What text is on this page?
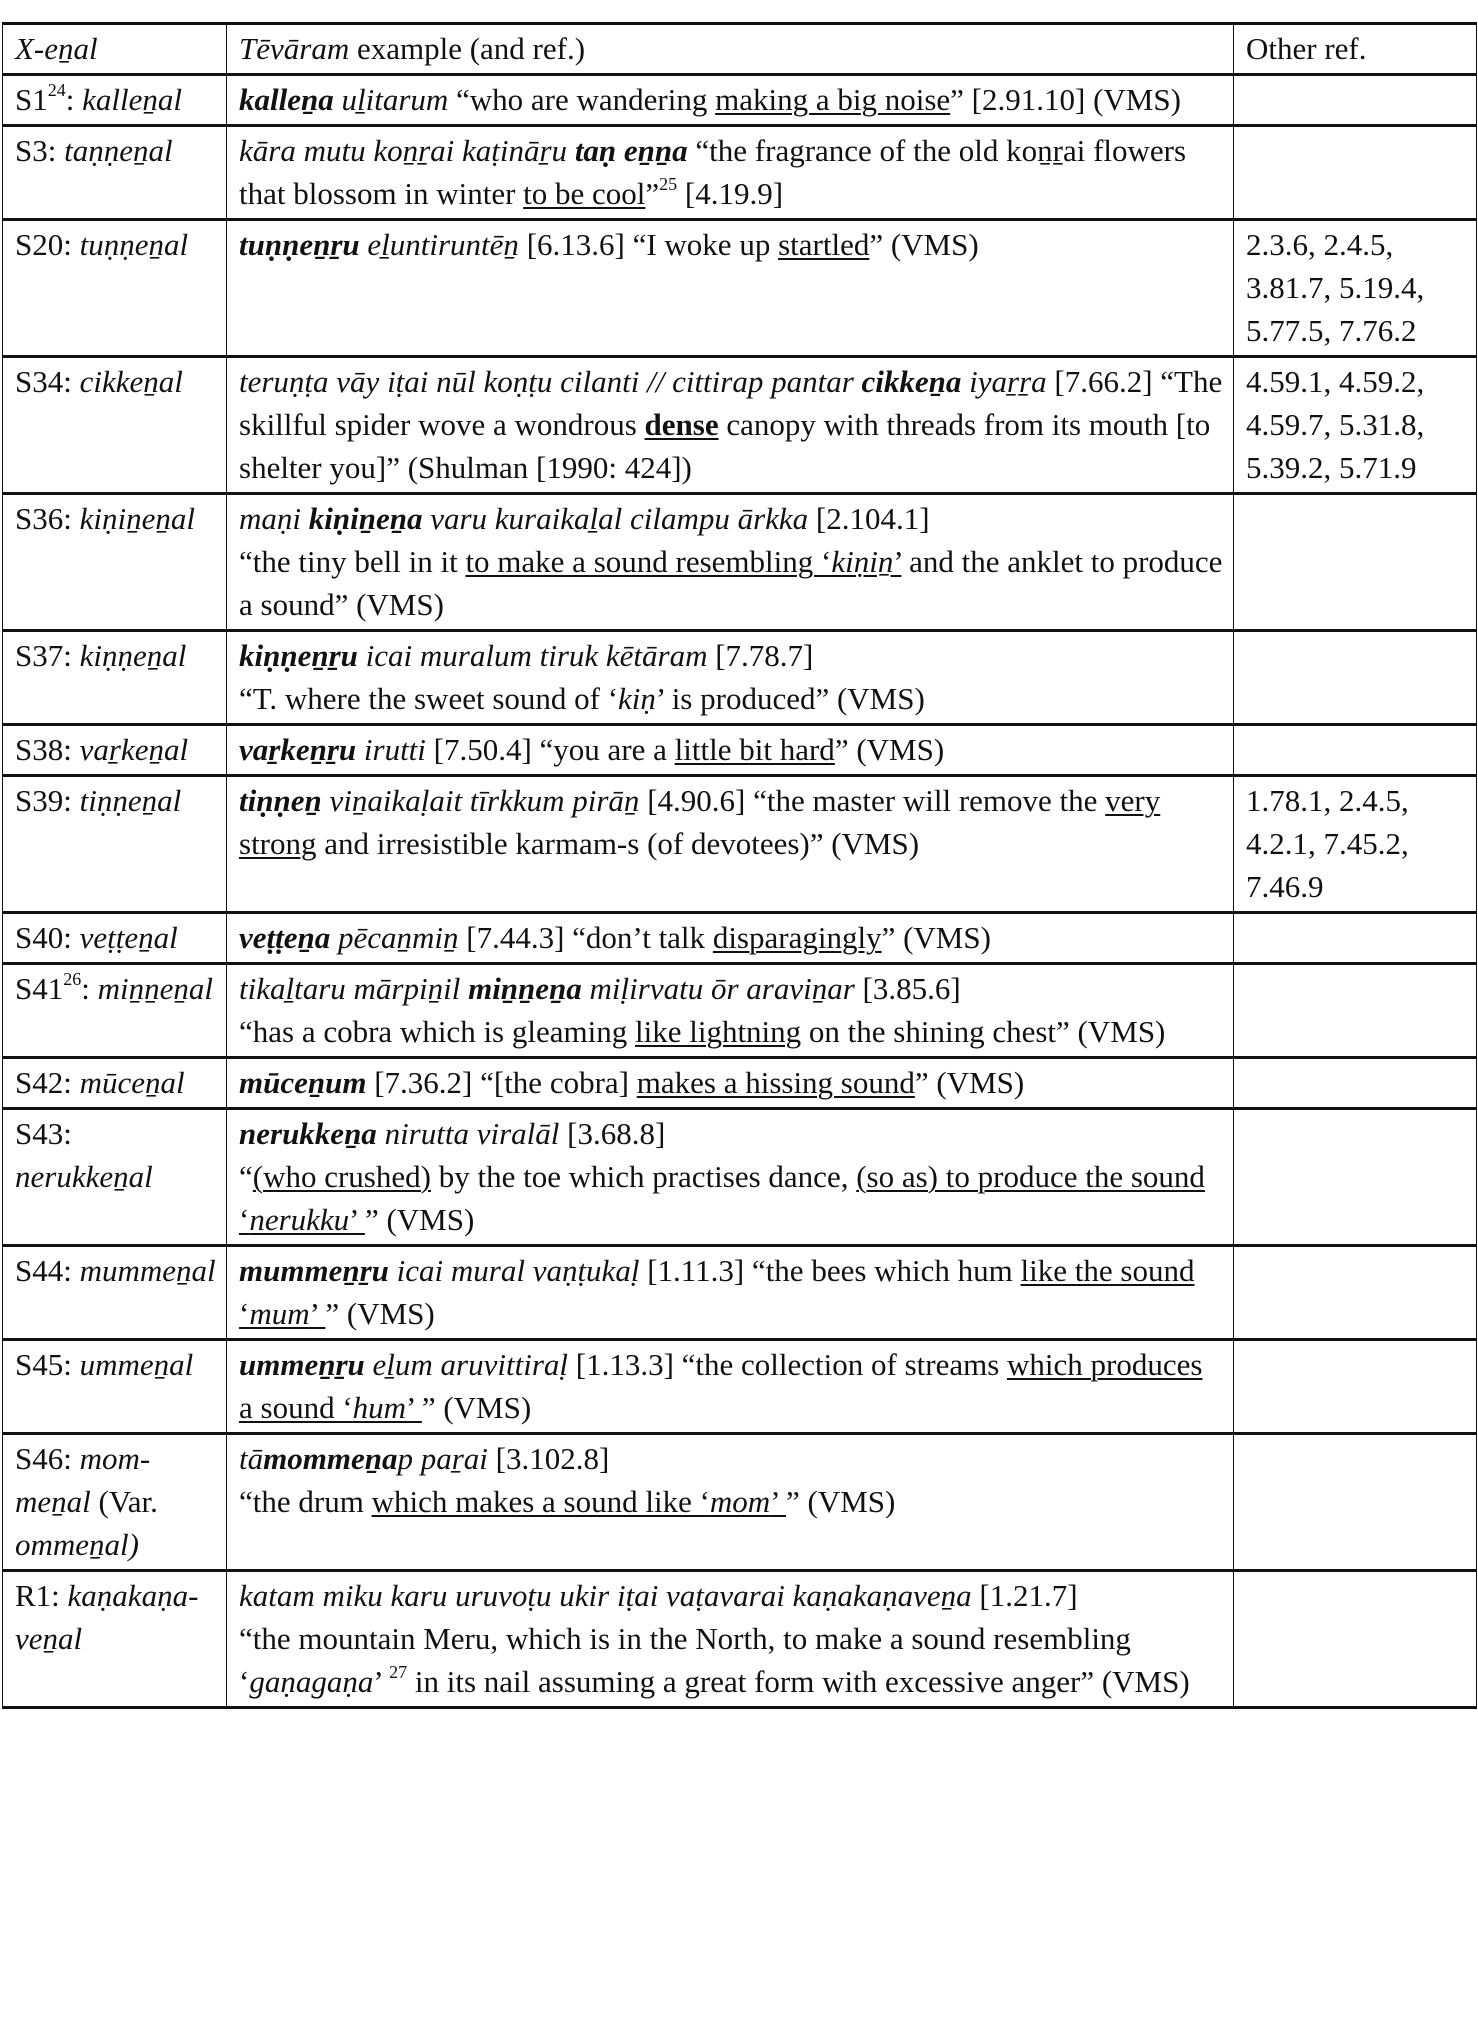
X-eṉal	Tēvāram example (and ref.)	Other ref.
$S1^{24}$: kalleṉal	kalleṉa uḻitarum “who are wandering making a big noise” [2.91.10] (VMS)	

S3: taṇṇeṉal	kāra mutu koṉṟai kaṭināṟu taṇ eṉṉa “the fragrance of the old koṉṟai flowers that blossom in winter to be cool”$^{25}$ [4.19.9]	

S20: tuṇṇeṉal	tuṇṇeṉṟu eḻuntiruntēṉ [6.13.6] “I woke up startled” (VMS)	2.3.6, 2.4.5, 3.81.7, 5.19.4, 5.77.5, 7.76.2
S34: cikkeṉal	teruṇṭa vāy iṭai nūl koṇṭu cilanti // cittirap pantar cikkeṉa iyaṟṟa [7.66.2] “The skillful spider wove a wondrous dense canopy with threads from its mouth [to shelter you]” (Shulman [1990: 424])	4.59.1, 4.59.2, 4.59.7, 5.31.8, 5.39.2, 5.71.9
S36: kiṇiṉeṉal	maṇi kiṇiṉeṉa varu kuraikaḻal cilampu ārkka [2.104.1]
“the tiny bell in it to make a sound resembling ‘kiṇiṉ’ and the anklet to produce a sound” (VMS)	

S37: kiṇṇeṉal	kiṇṇeṉṟu icai muralum tiruk kētāram [7.78.7]
“T. where the sweet sound of ‘kiṇ’ is produced” (VMS)	

S38: vaṟkeṉal	vaṟkeṉṟu irutti [7.50.4] “you are a little bit hard” (VMS)	

S39: tiṇṇeṉal	tiṇṇeṉ viṉaikaḷait tīrkkum pirāṉ [4.90.6] “the master will remove the very strong and irresistible karmam-s (of devotees)” (VMS)	1.78.1, 2.4.5, 4.2.1, 7.45.2, 7.46.9
S40: veṭṭeṉal	veṭṭeṉa pēcaṉmiṉ [7.44.3] “don’t talk disparagingly” (VMS)	

$S41^{26}$: miṉṉeṉal	tikaḻtaru mārpiṉil miṉṉeṉa miḷirvatu ōr araviṉar [3.85.6]
“has a cobra which is gleaming like lightning on the shining chest” (VMS)	

S42: mūceṉal	mūceṉum [7.36.2] “[the cobra] makes a hissing sound” (VMS)	

S43: nerukkeṉal	nerukkeṉa nirutta viralāl [3.68.8]
“(who crushed) by the toe which practises dance, (so as) to produce the sound ‘nerukku’ ” (VMS)	

S44: mummeṉal	mummeṉṟu icai mural vaṇṭukaḷ [1.11.3] “the bees which hum like the sound ‘mum’ ” (VMS)	

S45: ummeṉal	ummeṉṟu eḻum aruvittiraḷ [1.13.3] “the collection of streams which produces a sound ‘hum’ ” (VMS)	

S46: mom-meṉal (Var. ommeṉal)	tāmommeṉap paṟai [3.102.8]
“the drum which makes a sound like ‘mom’ ” (VMS)	

R1: kaṇakaṇa-veṉal	katam miku karu uruvoṭu ukir iṭai vaṭavarai kaṇakaṇaveṉa [1.21.7]
“the mountain Meru, which is in the North, to make a sound resembling ‘gaṇagaṇa’ $^{27}$ in its nail assuming a great form with excessive anger” (VMS)	
